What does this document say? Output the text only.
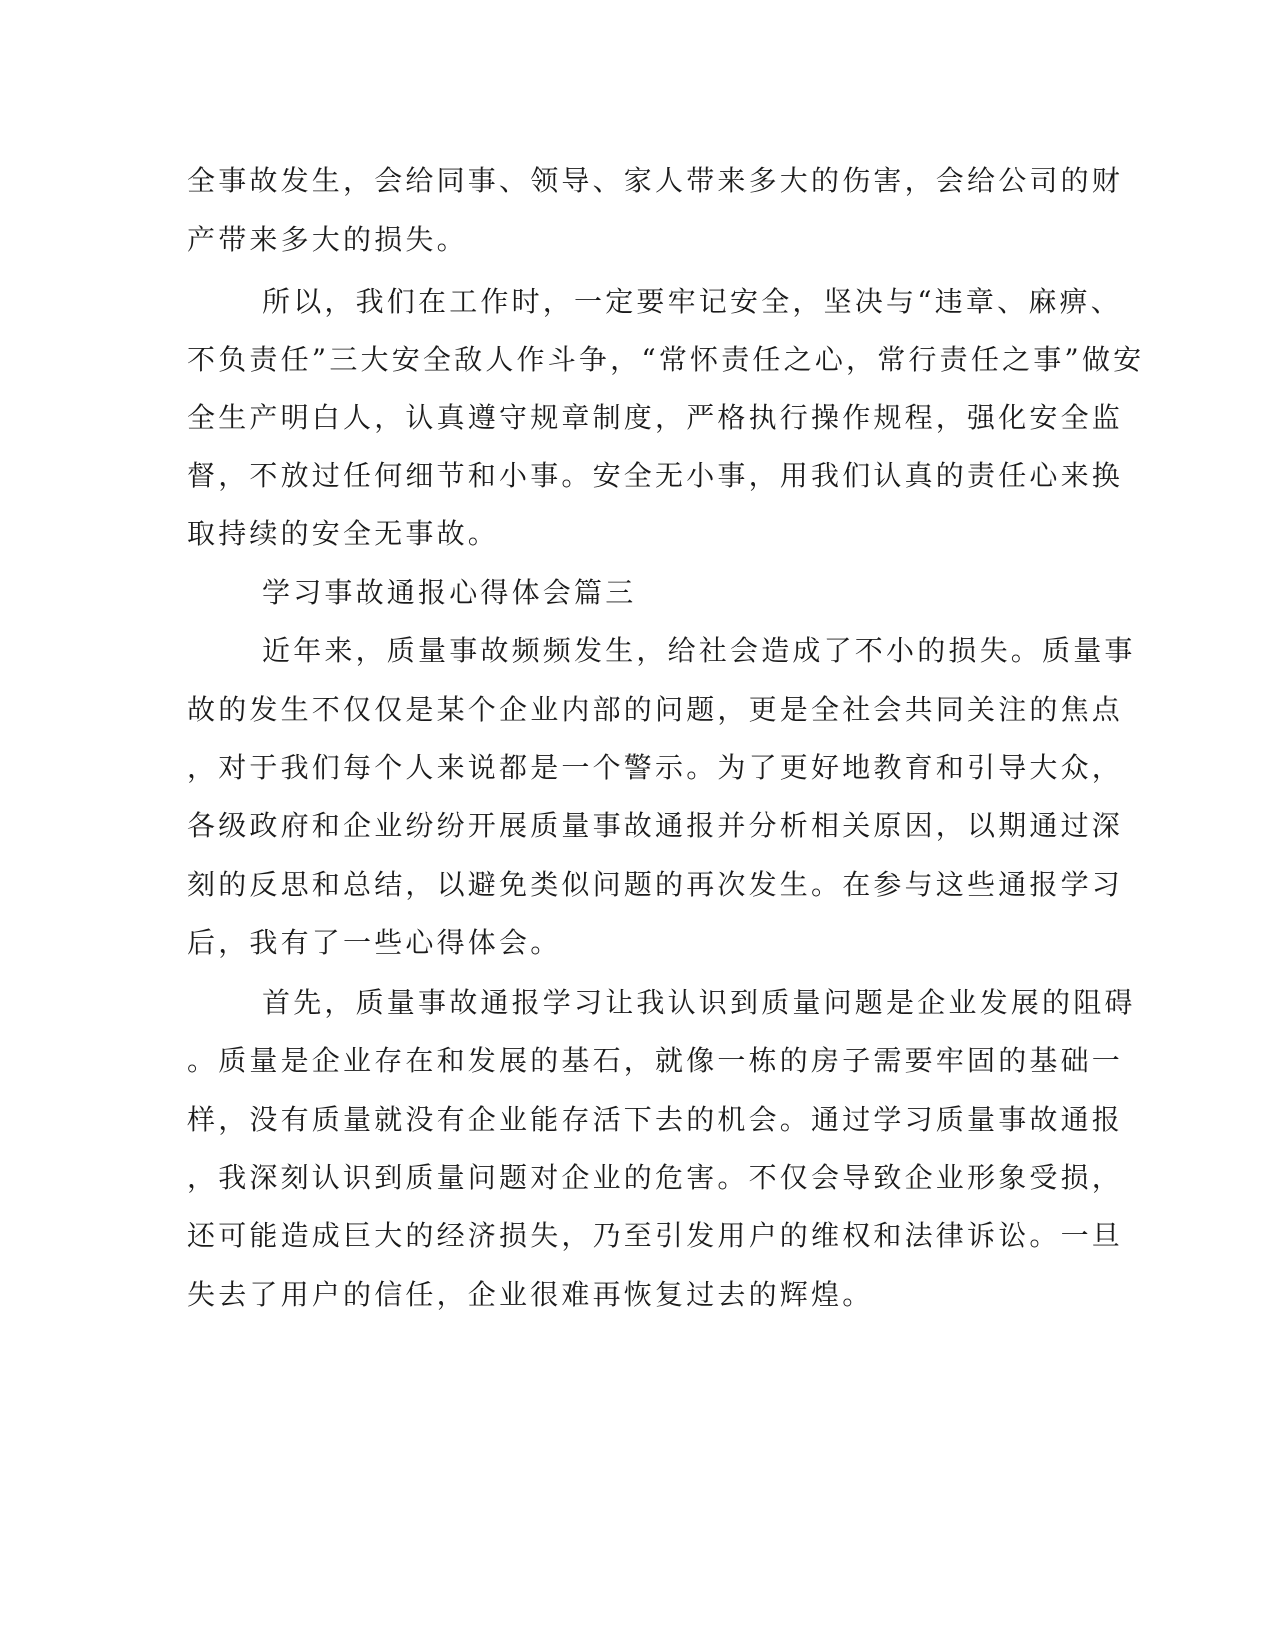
全事故发生，会给同事、领导、家人带来多大的伤害，会给公司的财
产带来多大的损失。
所以，我们在工作时，一定要牢记安全，坚决与“违章、麻痹、
不负责任”三大安全敌人作斗争，“常怀责任之心，常行责任之事”做安
全生产明白人，认真遵守规章制度，严格执行操作规程，强化安全监
督，不放过任何细节和小事。安全无小事，用我们认真的责任心来换
取持续的安全无事故。
学习事故通报心得体会篇三
近年来，质量事故频频发生，给社会造成了不小的损失。质量事
故的发生不仅仅是某个企业内部的问题，更是全社会共同关注的焦点
，对于我们每个人来说都是一个警示。为了更好地教育和引导大众，
各级政府和企业纷纷开展质量事故通报并分析相关原因，以期通过深
刻的反思和总结，以避免类似问题的再次发生。在参与这些通报学习
后，我有了一些心得体会。
首先，质量事故通报学习让我认识到质量问题是企业发展的阻碍
。质量是企业存在和发展的基石，就像一栋的房子需要牢固的基础一
样，没有质量就没有企业能存活下去的机会。通过学习质量事故通报
，我深刻认识到质量问题对企业的危害。不仅会导致企业形象受损，
还可能造成巨大的经济损失，乃至引发用户的维权和法律诉讼。一旦
失去了用户的信任，企业很难再恢复过去的辉煌。
